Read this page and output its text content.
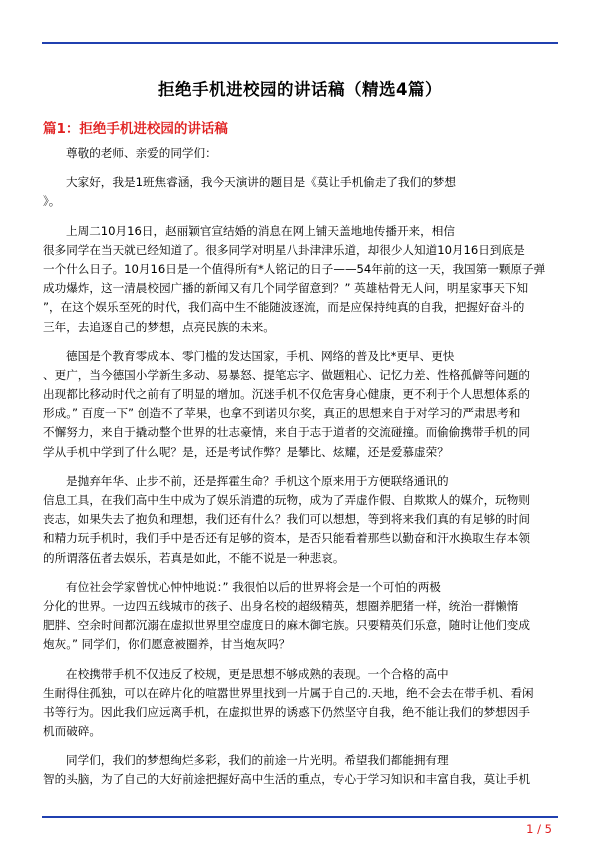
拒绝手机进校园的讲话稿（精选4篇）
篇1：拒绝手机进校园的讲话稿
尊敬的老师、亲爱的同学们：
大家好，我是1班焦睿涵，我今天演讲的题目是《莫让手机偷走了我们的梦想
》。
上周二10月16日，赵丽颖官宣结婚的消息在网上铺天盖地地传播开来，相信
很多同学在当天就已经知道了。很多同学对明星八卦津津乐道，却很少人知道10月16日到底是
一个什么日子。10月16日是一个值得所有*人铭记的日子——54年前的这一天，我国第一颗原子弹
成功爆炸，这一清晨校园广播的新闻又有几个同学留意到？” 英雄枯骨无人问，明星家事天下知
”，在这个娱乐至死的时代，我们高中生不能随波逐流，而是应保持纯真的自我，把握好奋斗的
三年，去追逐自己的梦想，点亮民族的未来。
德国是个教育零成本、零门槛的发达国家，手机、网络的普及比*更早、更快
、更广，当今德国小学新生多动、易暴怒、提笔忘字、做题粗心、记忆力差、性格孤僻等问题的
出现都比移动时代之前有了明显的增加。沉迷手机不仅危害身心健康，更不利于个人思想体系的
形成。” 百度一下” 创造不了苹果，也拿不到诺贝尔奖，真正的思想来自于对学习的严肃思考和
不懈努力，来自于撬动整个世界的壮志豪情，来自于志于道者的交流碰撞。而偷偷携带手机的同
学从手机中学到了什么呢？是，还是考试作弊？是攀比、炫耀，还是爱慕虚荣？
是抛弃年华、止步不前，还是挥霍生命？手机这个原来用于方便联络通讯的
信息工具，在我们高中生中成为了娱乐消遣的玩物，成为了弄虚作假、自欺欺人的媒介，玩物则
丧志，如果失去了抱负和理想，我们还有什么？我们可以想想，等到将来我们真的有足够的时间
和精力玩手机时，我们手中是否还有足够的资本，是否只能看着那些以勤奋和汗水换取生存本领
的所谓落伍者去娱乐，若真是如此，不能不说是一种悲哀。
有位社会学家曾忧心忡忡地说：” 我很怕以后的世界将会是一个可怕的两极
分化的世界。一边四五线城市的孩子、出身名校的超级精英，想圈养肥猪一样，统治一群懒惰
肥胖、空余时间都沉溺在虚拟世界里空虚度日的麻木御宅族。只要精英们乐意，随时让他们变成
炮灰。” 同学们，你们愿意被圈养，甘当炮灰吗？
在校携带手机不仅违反了校规，更是思想不够成熟的表现。一个合格的高中
生耐得住孤独，可以在碎片化的喧嚣世界里找到一片属于自己的.天地，绝不会去在带手机、看闲
书等行为。因此我们应远离手机，在虚拟世界的诱惑下仍然坚守自我，绝不能让我们的梦想因手
机而破碎。
同学们，我们的梦想绚烂多彩，我们的前途一片光明。希望我们都能拥有理
智的头脑，为了自己的大好前途把握好高中生活的重点，专心于学习知识和丰富自我，莫让手机
1 / 5
